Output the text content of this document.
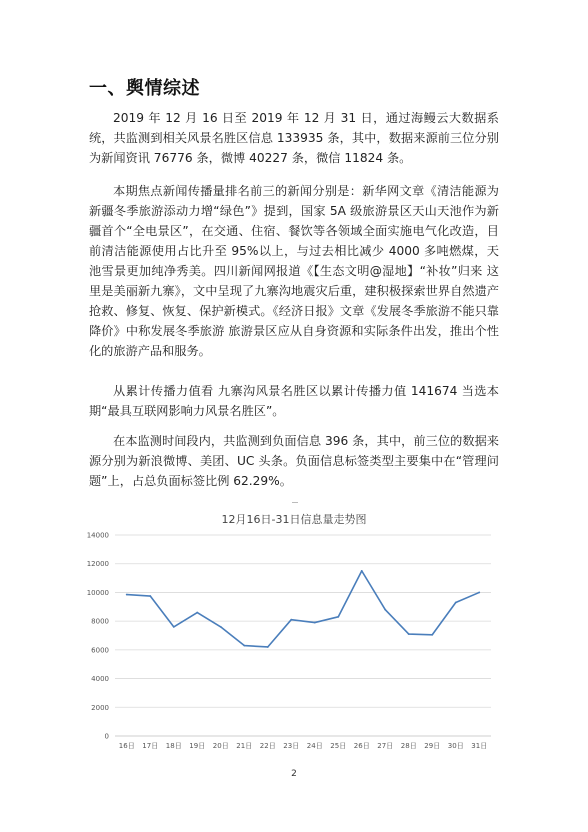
一、舆情综述

2019 年 12 月 16 日至 2019 年 12 月 31 日，通过海鳗云大数据系统，共监测到相关风景名胜区信息 133935 条，其中，数据来源前三位分别为新闻资讯 76776 条，微博 40227 条，微信 11824 条。

本期焦点新闻传播量排名前三的新闻分别是：新华网文章《清洁能源为新疆冬季旅游添动力增“绿色”》提到，国家 5A 级旅游景区天山天池作为新疆首个“全电景区”，在交通、住宿、餐饮等各领域全面实施电气化改造，目前清洁能源使用占比升至 95%以上，与过去相比减少 4000 多吨燃煤，天池雪景更加纯净秀美。四川新闻网报道《【生态文明@湿地】“补妆”归来 这里是美丽新九寨》，文中呈现了九寨沟地震灾后重，建积极探索世界自然遗产抢救、修复、恢复、保护新模式。《经济日报》文章《发展冬季旅游不能只靠降价》中称发展冬季旅游 旅游景区应从自身资源和实际条件出发，推出个性化的旅游产品和服务。

从累计传播力值看 九寨沟风景名胜区以累计传播力值 141674 当选本期“最具互联网影响力风景名胜区”。

在本监测时间段内，共监测到负面信息 396 条，其中，前三位的数据来源分别为新浪微博、美团、UC 头条。负面信息标签类型主要集中在“管理问题”上，占总负面标签比例 62.29%。

12月16日-31日信息量走势图
0
2000
4000
6000
8000
10000
12000
14000
16日 17日 18日 19日 20日 21日 22日 23日 24日 25日 26日 27日 28日 29日 30日 31日
2
